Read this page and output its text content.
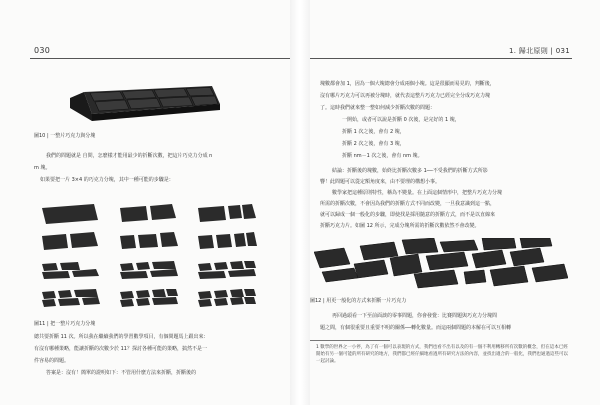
030
圖10 | 一整片巧克力與分塊
我們的問題就是 自問，怎麼樣才能用最少的折斷次數，把這片巧克力分成 n
m 塊。
如果要把一片 3×4 的巧克力分塊，其中一種可能的步驟是：
圖11 | 把一整片巧克力分塊
總共要折斷 11 次。所以我在繼續我們的學習數學項目，有個問題馬上跟出來：
有沒有哪種策略，能讓折斷的次數少於 11？探討各種可能的策略，搞然不是一
件容易的問題。
答案是：沒有！簡單的證明如下：不管用什麼方法來折斷，折斷後的
1. 歸北原則 | 031
塊數都會加 1，因為一個大塊總會分成兩個小塊。這是很顯而易見的，判斷後，
沒有哪片巧克力可以再被分塊時，就代表這整片巧克力已經完全分成巧克力塊
了。這時我們就來整一整如何減少折斷次數的問題：
一開始，或者可以說是折斷 0 次後，是完好的 1 塊，
折斷 1 次之後，會有 2 塊，
折斷 2 次之後，會有 3 塊，
折斷 nm－1 次之後，會有 nm 塊。
結論：折斷後的塊數，始終比折斷次數多 1──不受我們的折斷方式所影
響！此問題可以從定額角度來，由不要理的構想小事。
數學家把這種原則特性，稱為不變量。在上面這個情形中，把整片巧克力分塊
所需的折斷次數，不會因為我們的折斷方式不同而改變，一旦我意識到這一點，
就可以歸成一個一般化的步驟，即使找是採用隨意的折斷方式，而不是以直線來
折斷巧克力片。如圖 12 所示，完成分塊所需的折斷次數依然不會改變。
圖12 | 用更一般化的方式來折斷一片巧克力
再回過頭看一下至前面談的零事問題，你會發覺：比賽問題與巧克力分塊問
題之間，有個很重要且重要不明的關係──轉化數量。而這兩個問題的本解在可以互相轉
1 數學的世界之一小停，為了有一個可以表現的方式，我們也看不出有以及的有一個不利用轉移所有次數的概念，但在這本已經開始有另一個可能的所有研究的地方，我們都已經仔細地看過所有研究方法的內容，並找出適合的一般化，我們也通過這些可以一起討論。
